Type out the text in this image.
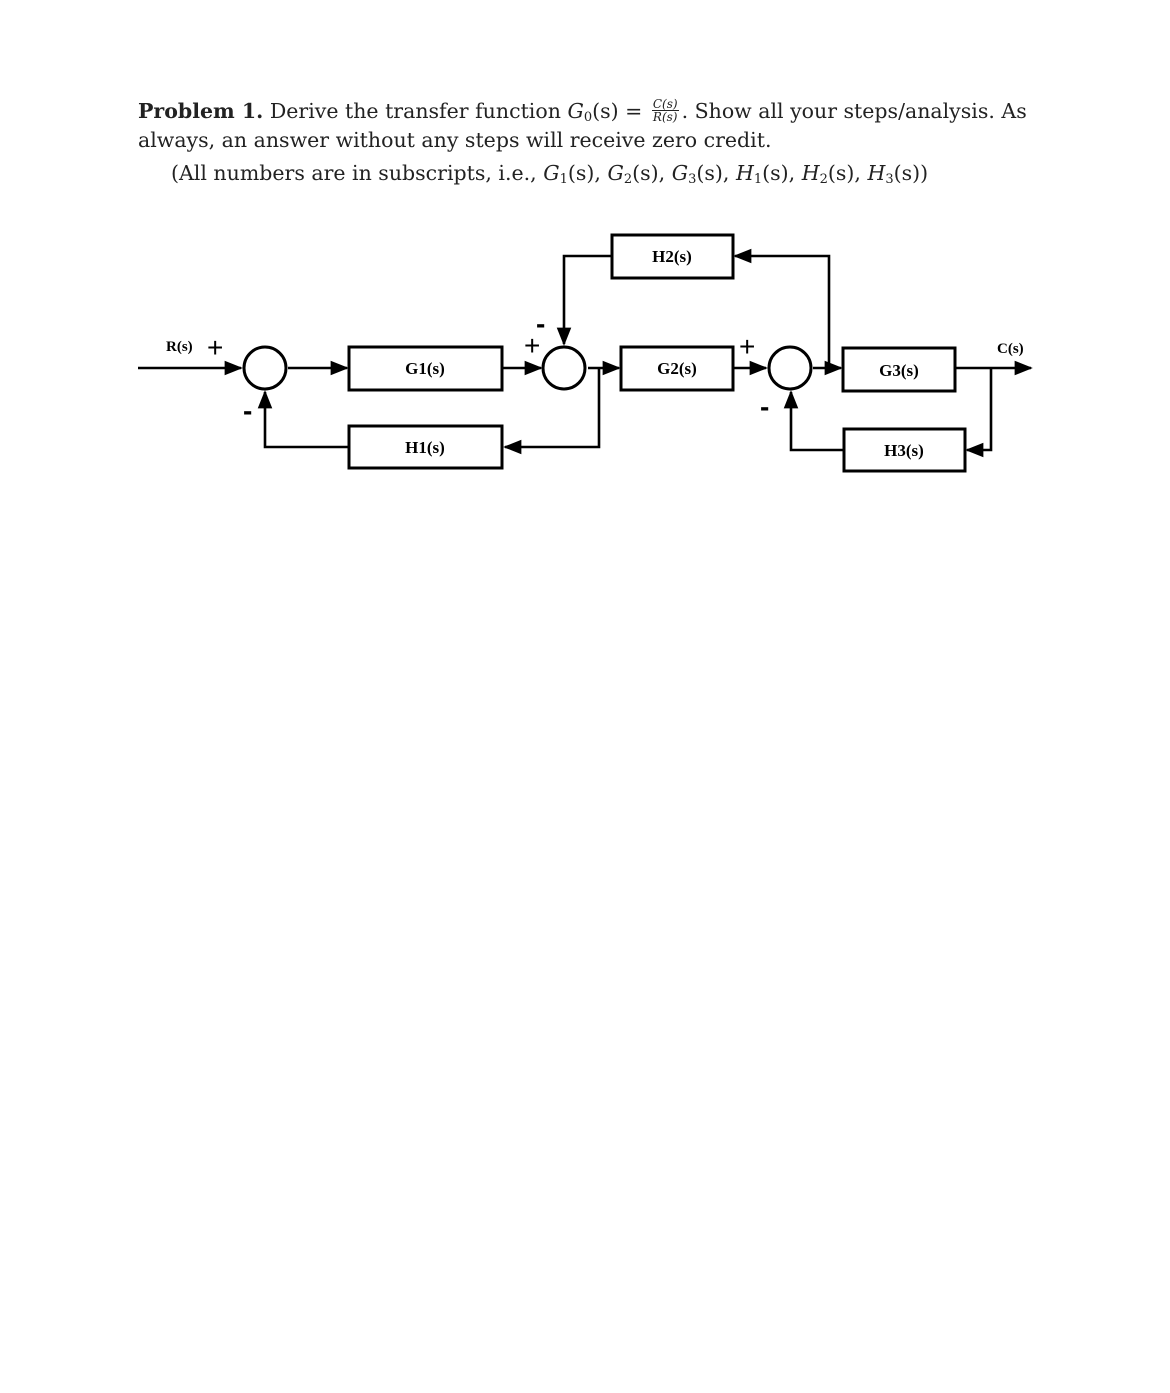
Problem 1. Derive the transfer function $G_0(s) = \frac{C(s)}{R(s)}$ . Show all your steps/analysis. As
always, an answer without any steps will receive zero credit.
(All numbers are in subscripts, i.e., $G_1(s)$, $G_2(s)$, $G_3(s)$, $H_1(s)$, $H_2(s)$, $H_3(s)$)
G1(s)	G2(s)	G3(s)
H1(s)
H2(s)
H3(s)
R(s)	C(s)
+
-
+
-
+
-
